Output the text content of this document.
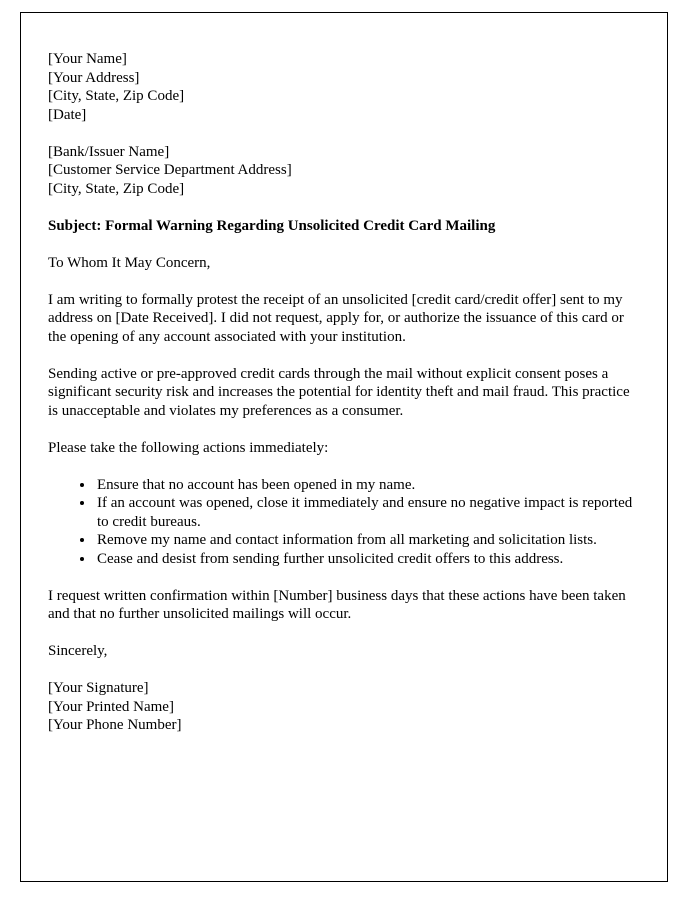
[Your Name]
[Your Address]
[City, State, Zip Code]
[Date]
[Bank/Issuer Name]
[Customer Service Department Address]
[City, State, Zip Code]

Subject: Formal Warning Regarding Unsolicited Credit Card Mailing

To Whom It May Concern,

I am writing to formally protest the receipt of an unsolicited [credit card/credit offer] sent to my address on [Date Received]. I did not request, apply for, or authorize the issuance of this card or the opening of any account associated with your institution.

Sending active or pre-approved credit cards through the mail without explicit consent poses a significant security risk and increases the potential for identity theft and mail fraud. This practice is unacceptable and violates my preferences as a consumer.

Please take the following actions immediately:

• Ensure that no account has been opened in my name.
• If an account was opened, close it immediately and ensure no negative impact is reported to credit bureaus.
• Remove my name and contact information from all marketing and solicitation lists.
• Cease and desist from sending further unsolicited credit offers to this address.

I request written confirmation within [Number] business days that these actions have been taken and that no further unsolicited mailings will occur.

Sincerely,

[Your Signature]
[Your Printed Name]
[Your Phone Number]
